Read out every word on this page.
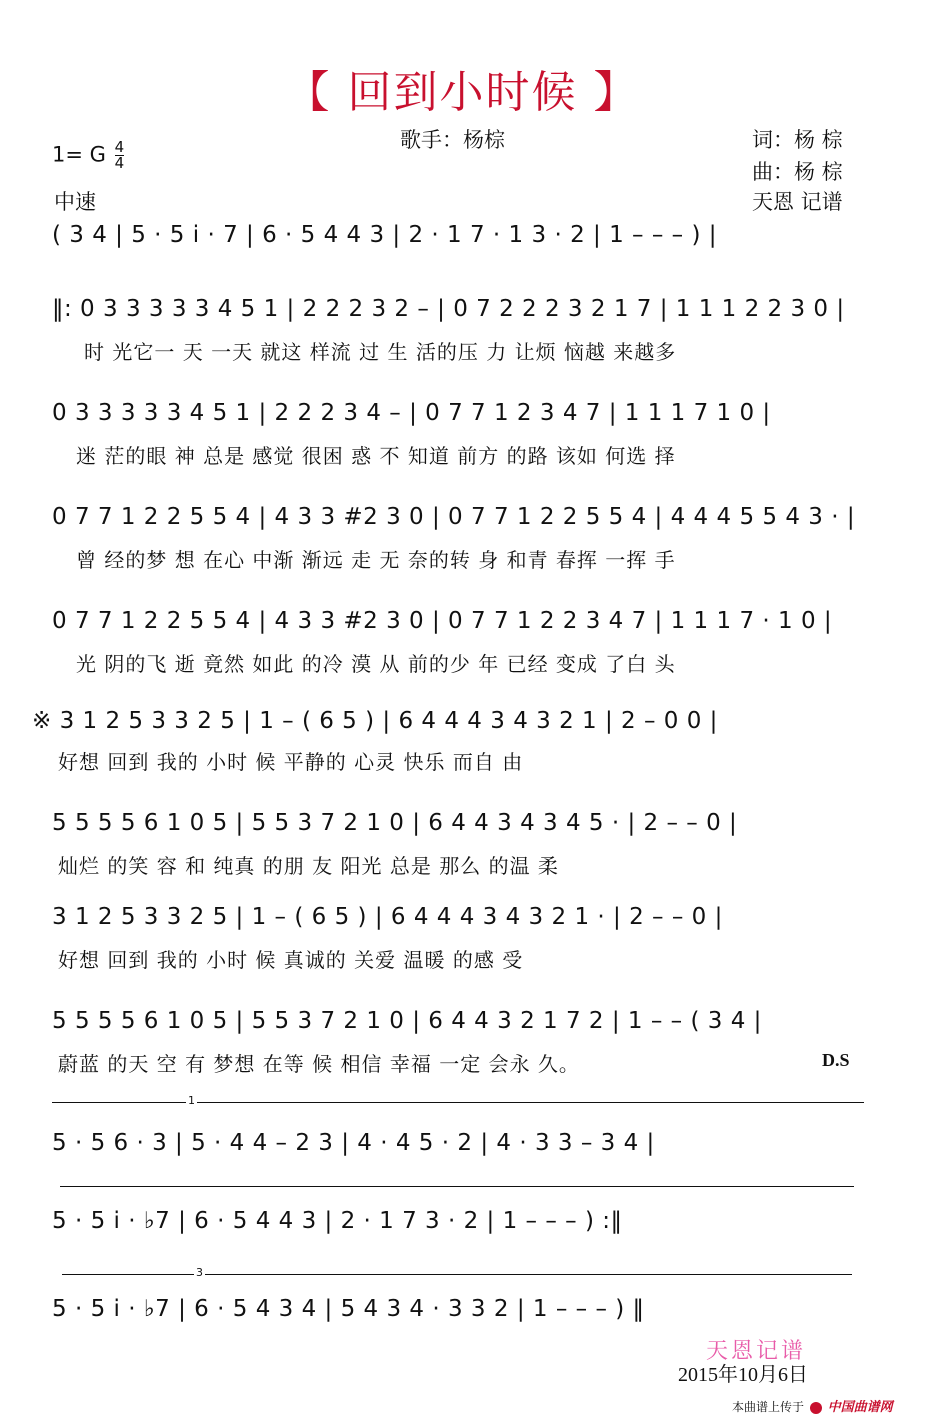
【 回到小时候 】
1= G $\frac{4}{4}$
中速
歌手：杨棕	词：杨 棕
曲：杨 棕
天恩 记谱
( 3 4 | 5 · 5 i · 7 | 6 · 5 4 4 3 | 2 · 1 7 · 1 3 · 2 | 1 – – – ) |
‖: 0 3 3 3 3 3 4 5 1 | 2 2 2 3 2 – | 0 7 2 2 2 3 2 1 7 | 1 1 1 2 2 3 0 |
时 光它一 天 一天 就这 样流 过 生 活的压 力 让烦 恼越 来越多
0 3 3 3 3 3 4 5 1 | 2 2 2 3 4 – | 0 7 7 1 2 3 4 7 | 1 1 1 7 1 0 |
迷 茫的眼 神 总是 感觉 很困 惑 不 知道 前方 的路 该如 何选 择
0 7 7 1 2 2 5 5 4 | 4 3 3 #2 3 0 | 0 7 7 1 2 2 5 5 4 | 4 4 4 5 5 4 3 · |
曾 经的梦 想 在心 中渐 渐远 走 无 奈的转 身 和青 春挥 一挥 手
0 7 7 1 2 2 5 5 4 | 4 3 3 #2 3 0 | 0 7 7 1 2 2 3 4 7 | 1 1 1 7 · 1 0 |
光 阴的飞 逝 竟然 如此 的冷 漠 从 前的少 年 已经 变成 了白 头
※ 3 1 2 5 3 3 2 5 | 1 – ( 6 5 ) | 6 4 4 4 3 4 3 2 1 | 2 – 0 0 |
好想 回到 我的 小时 候 平静的 心灵 快乐 而自 由
5 5 5 5 6 1 0 5 | 5 5 3 7 2 1 0 | 6 4 4 3 4 3 4 5 · | 2 – – 0 |
灿烂 的笑 容 和 纯真 的朋 友 阳光 总是 那么 的温 柔
3 1 2 5 3 3 2 5 | 1 – ( 6 5 ) | 6 4 4 4 3 4 3 2 1 · | 2 – – 0 |
好想 回到 我的 小时 候 真诚的 关爱 温暖 的感 受
5 5 5 5 6 1 0 5 | 5 5 3 7 2 1 0 | 6 4 4 3 2 1 7 2 | 1 – – ( 3 4 |
蔚蓝 的天 空 有 梦想 在等 候 相信 幸福 一定 会永 久。	D.S
1
5 · 5 6 · 3 | 5 · 4 4 – 2 3 | 4 · 4 5 · 2 | 4 · 3 3 – 3 4 |
5 · 5 i · ♭7 | 6 · 5 4 4 3 | 2 · 1 7 3 · 2 | 1 – – – ) :‖
3
5 · 5 i · ♭7 | 6 · 5 4 3 4 | 5 4 3 4 · 3 3 2 | 1 – – – ) ‖
天恩记谱
2015年10月6日
本曲谱上传于 中国曲谱网
